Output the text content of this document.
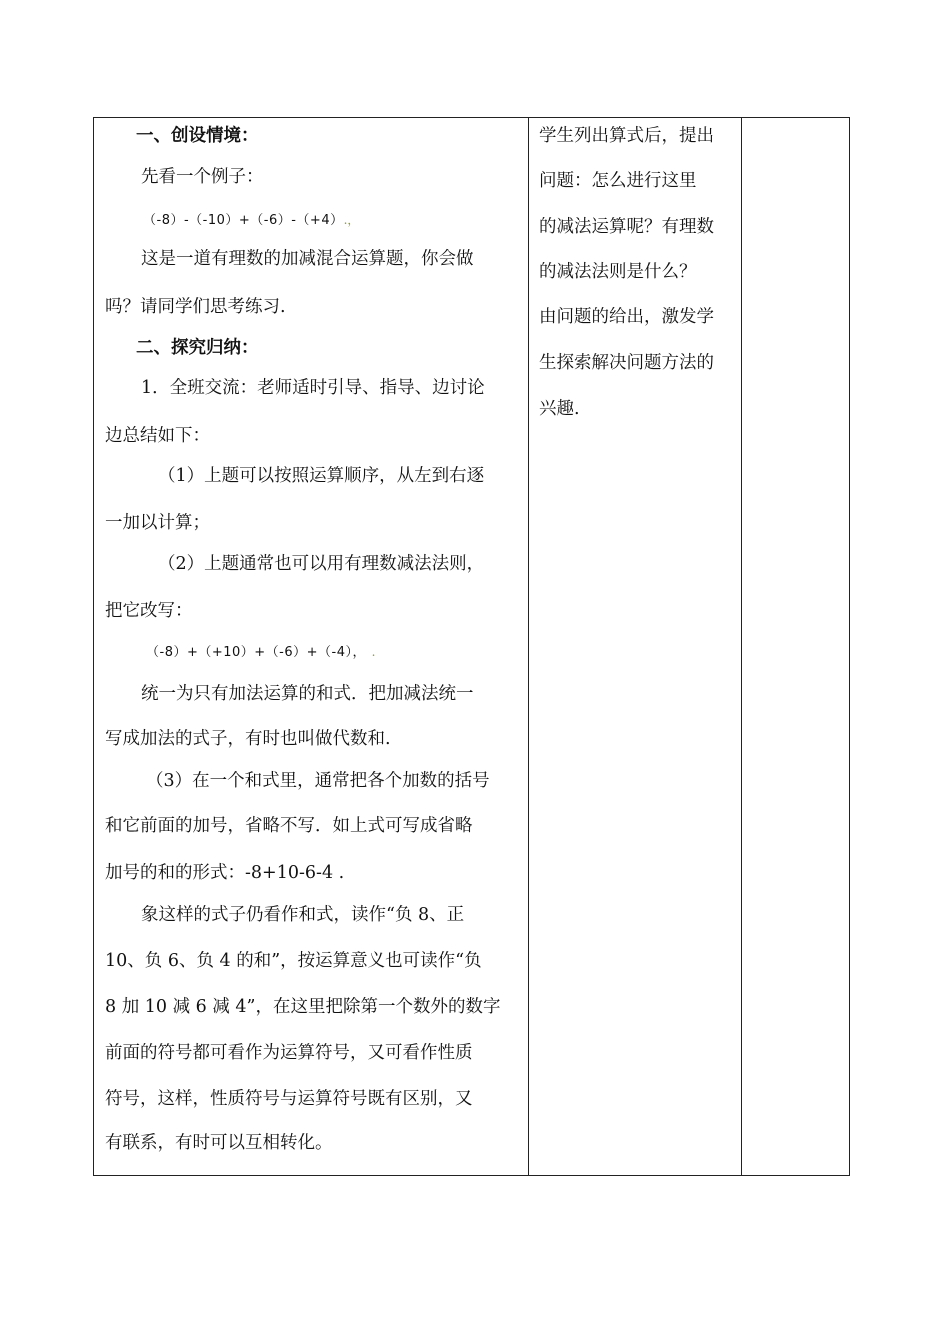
一、创设情境：
先看一个例子：
（-8）-（-10）+（-6）-（+4）.，
这是一道有理数的加减混合运算题，你会做
吗？请同学们思考练习.
二、探究归纳：
1．全班交流：老师适时引导、指导、边讨论
边总结如下：
（1）上题可以按照运算顺序，从左到右逐
一加以计算；
（2）上题通常也可以用有理数减法法则，
把它改写：
（-8）+（+10）+（-6）+（-4）， .
统一为只有加法运算的和式．把加减法统一
写成加法的式子，有时也叫做代数和.
（3）在一个和式里，通常把各个加数的括号
和它前面的加号，省略不写．如上式可写成省略
加号的和的形式：-8+10-6-4 .
象这样的式子仍看作和式，读作“负 8、正
10、负 6、负 4 的和”，按运算意义也可读作“负
8 加 10 减 6 减 4”，在这里把除第一个数外的数字
前面的符号都可看作为运算符号，又可看作性质
符号，这样，性质符号与运算符号既有区别，又
有联系，有时可以互相转化。

学生列出算式后，提出
问题：怎么进行这里
的减法运算呢？有理数
的减法法则是什么？
由问题的给出，激发学
生探索解决问题方法的
兴趣.
